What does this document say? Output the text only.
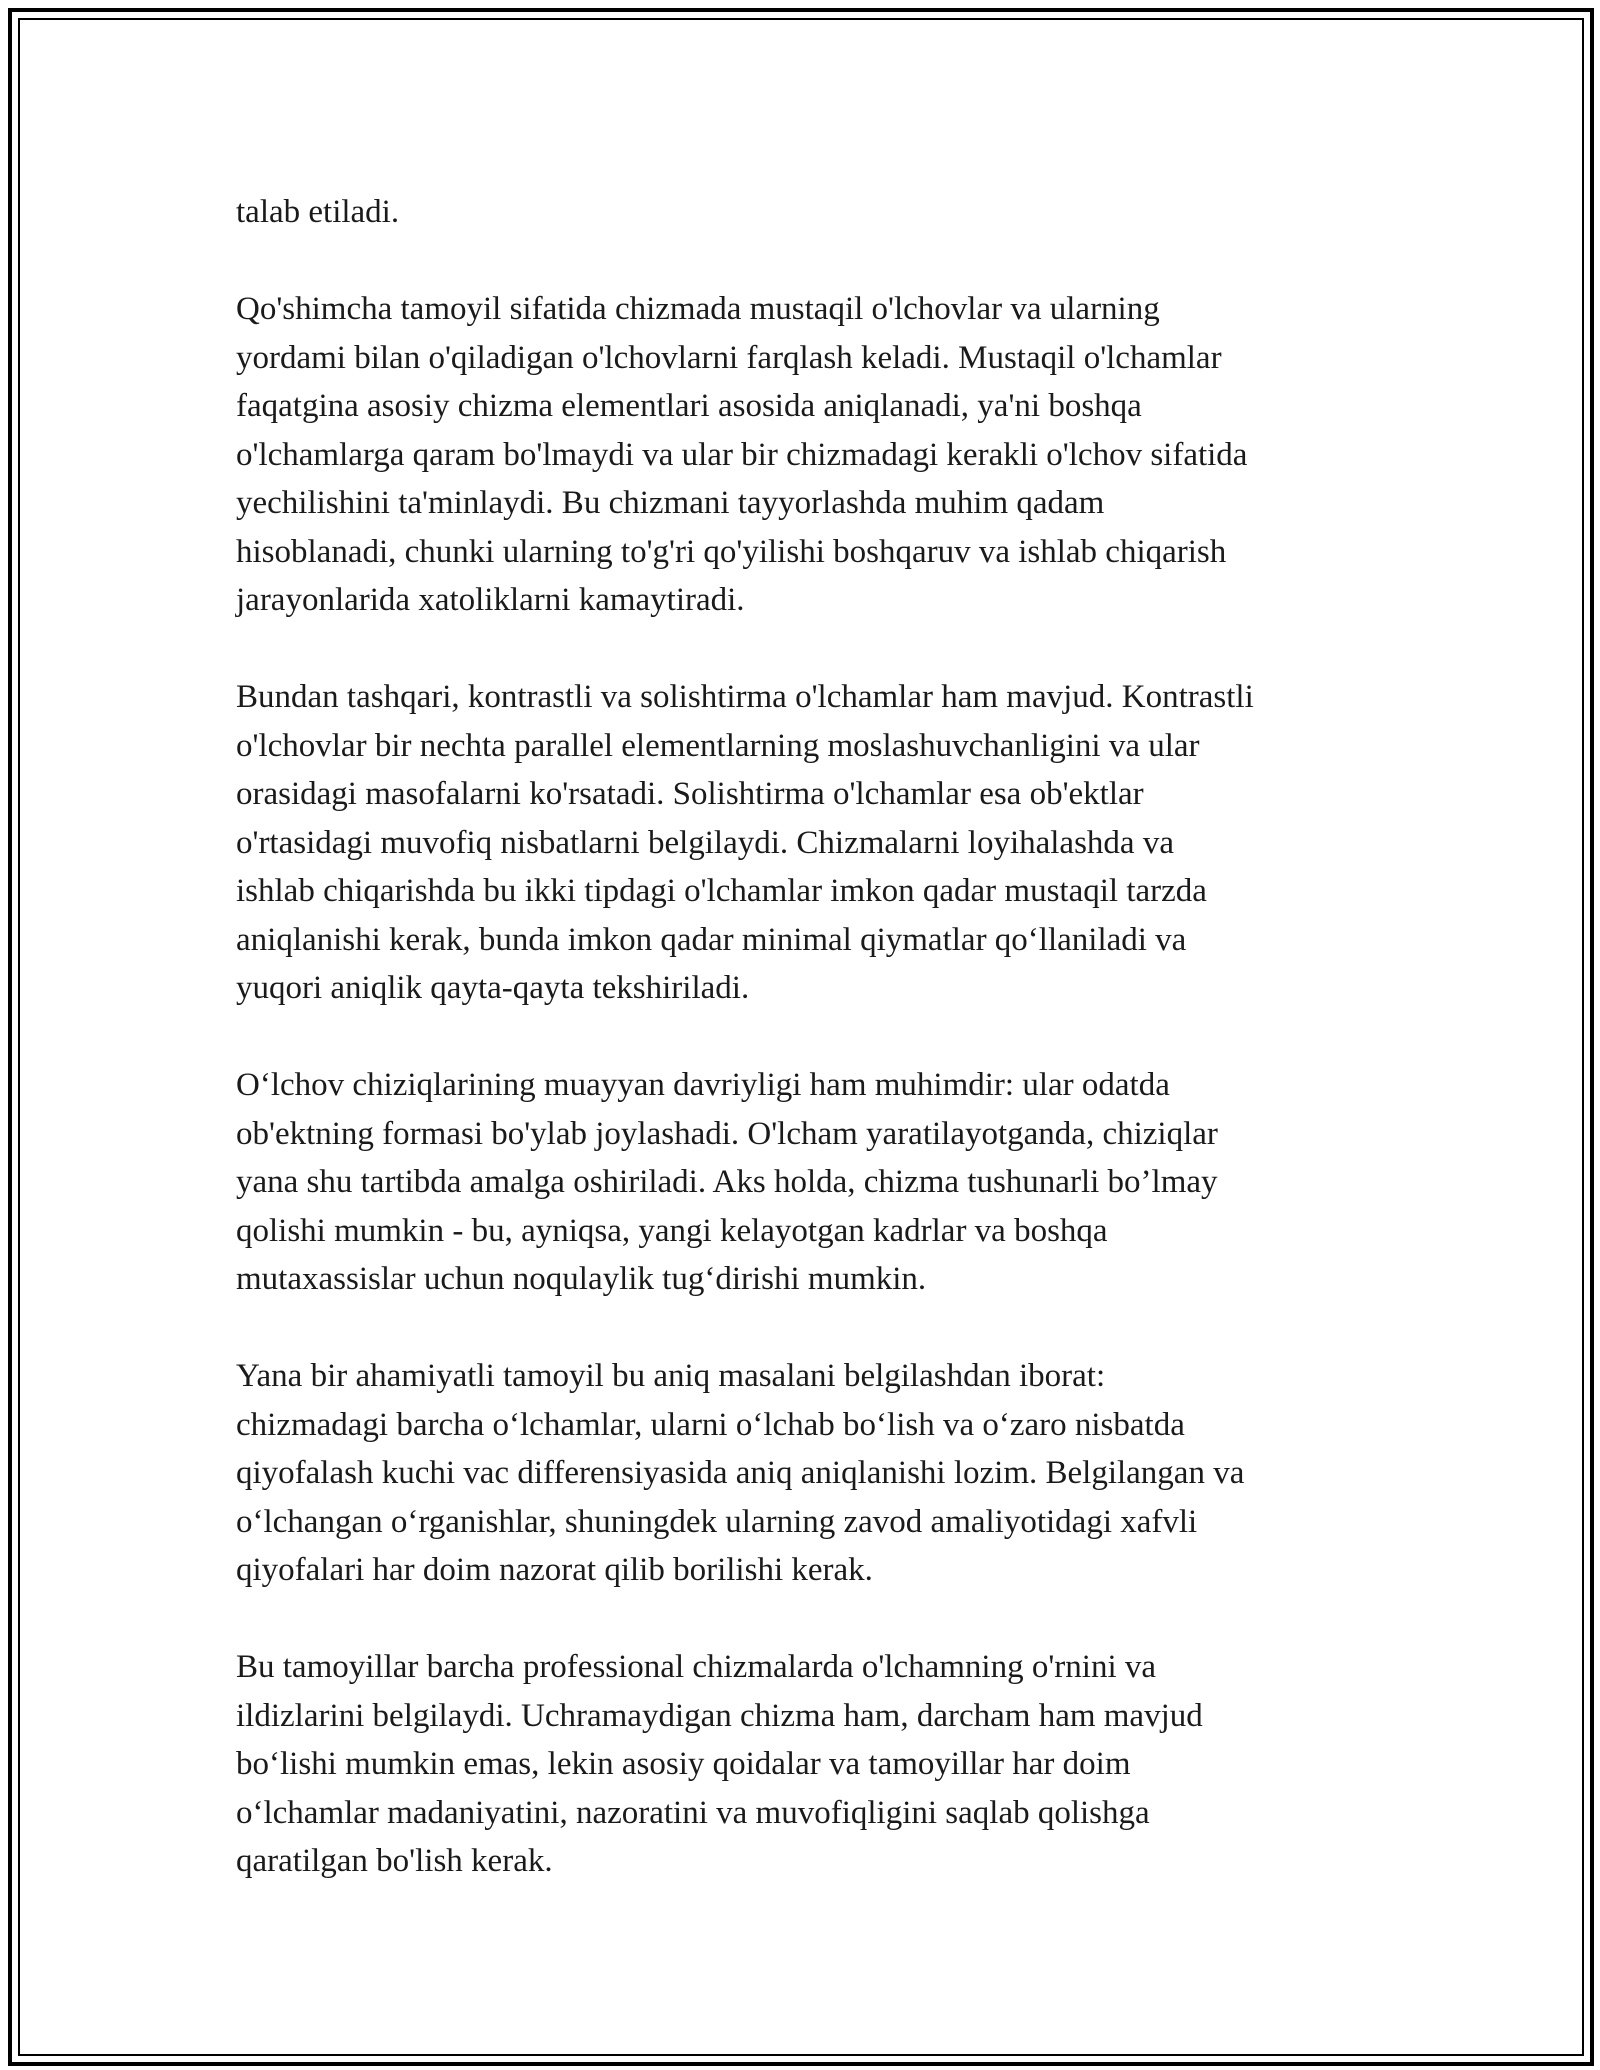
talab etiladi.

Qo'shimcha tamoyil sifatida chizmada mustaqil o'lchovlar va ularning
yordami bilan o'qiladigan o'lchovlarni farqlash keladi. Mustaqil o'lchamlar
faqatgina asosiy chizma elementlari asosida aniqlanadi, ya'ni boshqa
o'lchamlarga qaram bo'lmaydi va ular bir chizmadagi kerakli o'lchov sifatida
yechilishini ta'minlaydi. Bu chizmani tayyorlashda muhim qadam
hisoblanadi, chunki ularning to'g'ri qo'yilishi boshqaruv va ishlab chiqarish
jarayonlarida xatoliklarni kamaytiradi.

Bundan tashqari, kontrastli va solishtirma o'lchamlar ham mavjud. Kontrastli
o'lchovlar bir nechta parallel elementlarning moslashuvchanligini va ular
orasidagi masofalarni ko'rsatadi. Solishtirma o'lchamlar esa ob'ektlar
o'rtasidagi muvofiq nisbatlarni belgilaydi. Chizmalarni loyihalashda va
ishlab chiqarishda bu ikki tipdagi o'lchamlar imkon qadar mustaqil tarzda
aniqlanishi kerak, bunda imkon qadar minimal qiymatlar qo‘llaniladi va
yuqori aniqlik qayta-qayta tekshiriladi.

O‘lchov chiziqlarining muayyan davriyligi ham muhimdir: ular odatda
ob'ektning formasi bo'ylab joylashadi. O'lcham yaratilayotganda, chiziqlar
yana shu tartibda amalga oshiriladi. Aks holda, chizma tushunarli bo’lmay
qolishi mumkin - bu, ayniqsa, yangi kelayotgan kadrlar va boshqa
mutaxassislar uchun noqulaylik tug‘dirishi mumkin.

Yana bir ahamiyatli tamoyil bu aniq masalani belgilashdan iborat:
chizmadagi barcha o‘lchamlar, ularni o‘lchab bo‘lish va o‘zaro nisbatda
qiyofalash kuchi vac differensiyasida aniq aniqlanishi lozim. Belgilangan va
o‘lchangan o‘rganishlar, shuningdek ularning zavod amaliyotidagi xafvli
qiyofalari har doim nazorat qilib borilishi kerak.

Bu tamoyillar barcha professional chizmalarda o'lchamning o'rnini va
ildizlarini belgilaydi. Uchramaydigan chizma ham, darcham ham mavjud
bo‘lishi mumkin emas, lekin asosiy qoidalar va tamoyillar har doim
o‘lchamlar madaniyatini, nazoratini va muvofiqligini saqlab qolishga
qaratilgan bo'lish kerak.
